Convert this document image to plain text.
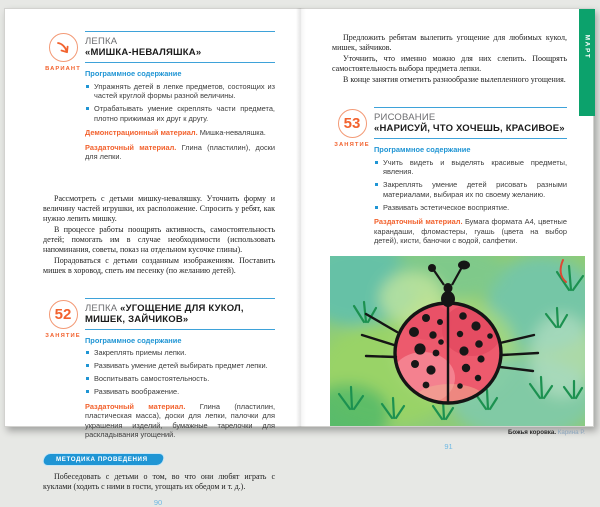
ВАРИАНТ
ЛЕПКА
«МИШКА-НЕВАЛЯШКА»
Программное содержание
Упражнять детей в лепке предметов, состоящих из частей круглой формы разной величины.
Отрабатывать умение скреплять части предмета, плотно прижимая их друг к другу.
Демонстрационный материал. Мишка-неваляшка.
Раздаточный материал. Глина (пластилин), доски для лепки.
МЕТОДИКА ПРОВЕДЕНИЯ

Рассмотреть с детьми мишку-неваляшку. Уточнить форму и величину частей игрушки, их расположение. Спросить у ребят, как нужно лепить мишку.

В процессе работы поощрять активность, самостоятельность детей; помогать им в случае необходимости (использовать напоминания, советы, показ на отдельном кусочке глины).

Порадоваться с детьми созданным изображениям. Поставить мишек в хоровод, спеть им песенку (по желанию детей).

52
ЗАНЯТИЕ
ЛЕПКА «УГОЩЕНИЕ ДЛЯ КУКОЛ, МИШЕК, ЗАЙЧИКОВ»
Программное содержание
Закреплять приемы лепки.
Развивать умение детей выбирать предмет лепки.
Воспитывать самостоятельность.
Развивать воображение.
Раздаточный материал. Глина (пластилин, пластическая масса), доски для лепки, палочки для украшения изделий, бумажные тарелочки для раскладывания угощений.
МЕТОДИКА ПРОВЕДЕНИЯ

Побеседовать с детьми о том, во что они любят играть с куклами (ходить с ними в гости, угощать их обедом и т. д.).

90

Предложить ребятам вылепить угощение для любимых кукол, мишек, зайчиков.

Уточнить, что именно можно для них слепить. Поощрять самостоятельность выбора предмета лепки.

В конце занятия отметить разнообразие вылепленного угощения.

53
ЗАНЯТИЕ
РИСОВАНИЕ
«НАРИСУЙ, ЧТО ХОЧЕШЬ, КРАСИВОЕ»
Программное содержание
Учить видеть и выделять красивые предметы, явления.
Закреплять умение детей рисовать разными материалами, выбирая их по своему желанию.
Развивать эстетическое восприятие.
Раздаточный материал. Бумага формата А4, цветные карандаши, фломастеры, гуашь (цвета на выбор детей), кисти, баночки с водой, салфетки.
Божья коровка. Карина Р.
91
МАРТ
